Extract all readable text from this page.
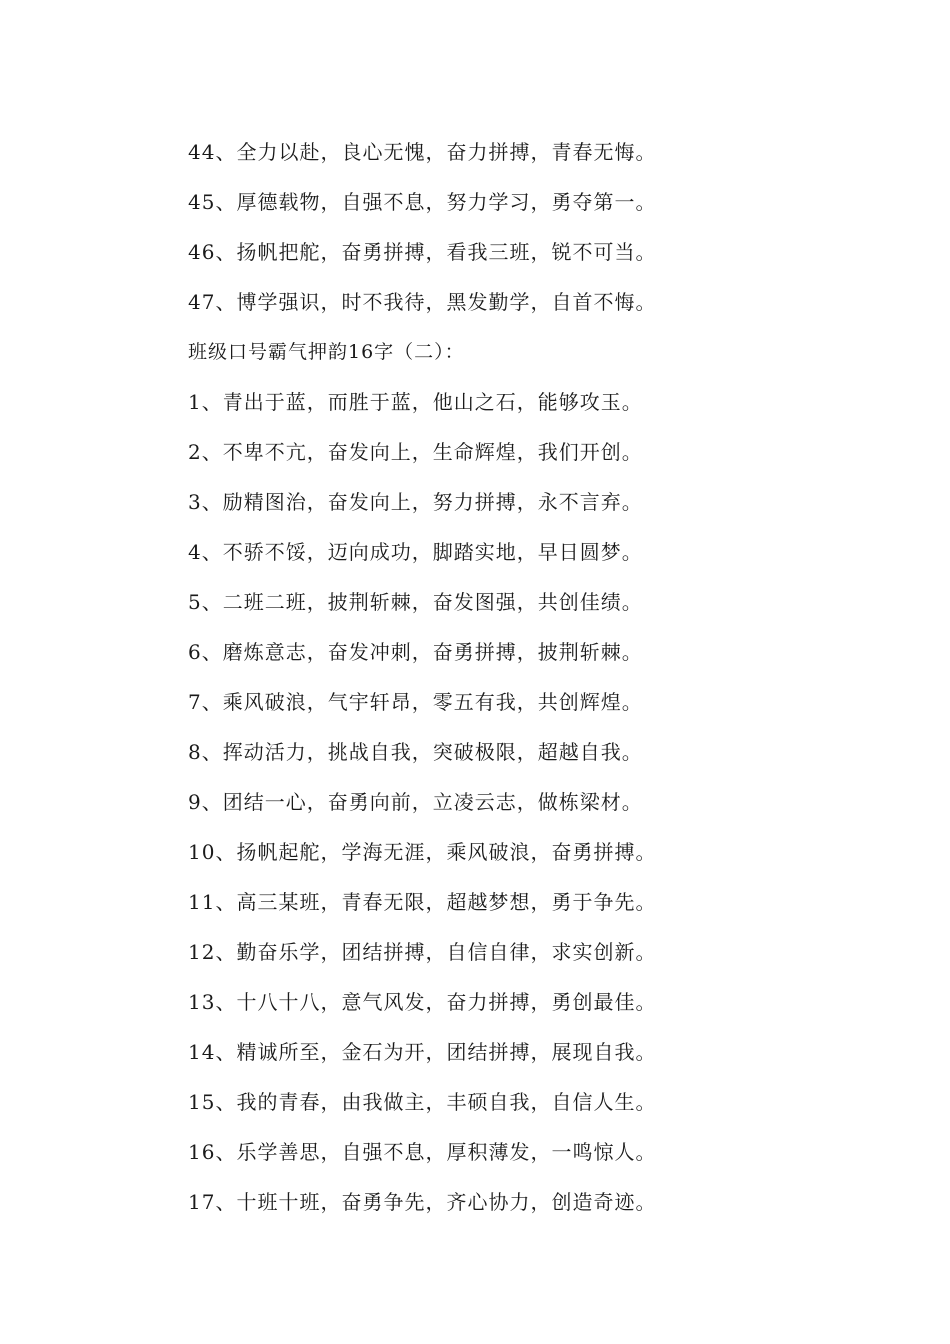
44、全力以赴，良心无愧，奋力拼搏，青春无悔。
45、厚德载物，自强不息，努力学习，勇夺第一。
46、扬帆把舵，奋勇拼搏，看我三班，锐不可当。
47、博学强识，时不我待，黑发勤学，自首不悔。
班级口号霸气押韵16字（二）：
1、青出于蓝，而胜于蓝，他山之石，能够攻玉。
2、不卑不亢，奋发向上，生命辉煌，我们开创。
3、励精图治，奋发向上，努力拼搏，永不言弃。
4、不骄不馁，迈向成功，脚踏实地，早日圆梦。
5、二班二班，披荆斩棘，奋发图强，共创佳绩。
6、磨炼意志，奋发冲刺，奋勇拼搏，披荆斩棘。
7、乘风破浪，气宇轩昂，零五有我，共创辉煌。
8、挥动活力，挑战自我，突破极限，超越自我。
9、团结一心，奋勇向前，立凌云志，做栋梁材。
10、扬帆起舵，学海无涯，乘风破浪，奋勇拼搏。
11、高三某班，青春无限，超越梦想，勇于争先。
12、勤奋乐学，团结拼搏，自信自律，求实创新。
13、十八十八，意气风发，奋力拼搏，勇创最佳。
14、精诚所至，金石为开，团结拼搏，展现自我。
15、我的青春，由我做主，丰硕自我，自信人生。
16、乐学善思，自强不息，厚积薄发，一鸣惊人。
17、十班十班，奋勇争先，齐心协力，创造奇迹。
